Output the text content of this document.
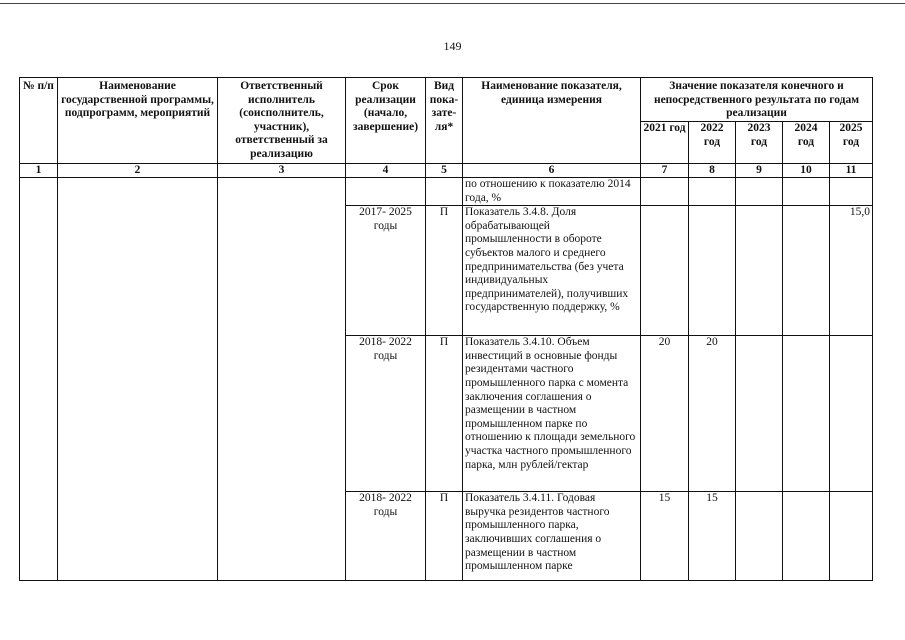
149
№ п/п	Наименование государственной программы, подпрограмм, мероприятий	Ответственный исполнитель (соисполнитель, участник), ответственный за реализацию	Срок реализации (начало, завершение)	Вид пока-зате-ля*	Наименование показателя, единица измерения	Значение показателя конечного и непосредственного результата по годам реализации				
						2021 год	2022 год	2023 год	2024 год	2025 год
1	2	3	4	5	6	7	8	9	10	11
					по отношению к показателю 2014 года, %					
			2017- 2025 годы	П	Показатель 3.4.8. Доля обрабатывающей промышленности в обороте субъектов малого и среднего предпринимательства (без учета индивидуальных предпринимателей), получивших государственную поддержку, %					15,0
			2018- 2022 годы	П	Показатель 3.4.10. Объем инвестиций в основные фонды резидентами частного промышленного парка с момента заключения соглашения о размещении в частном промышленном парке по отношению к площади земельного участка частного промышленного парка, млн рублей/гектар	20	20			
			2018- 2022 годы	П	Показатель 3.4.11. Годовая выручка резидентов частного промышленного парка, заключивших соглашения о размещении в частном промышленном парке	15	15			
